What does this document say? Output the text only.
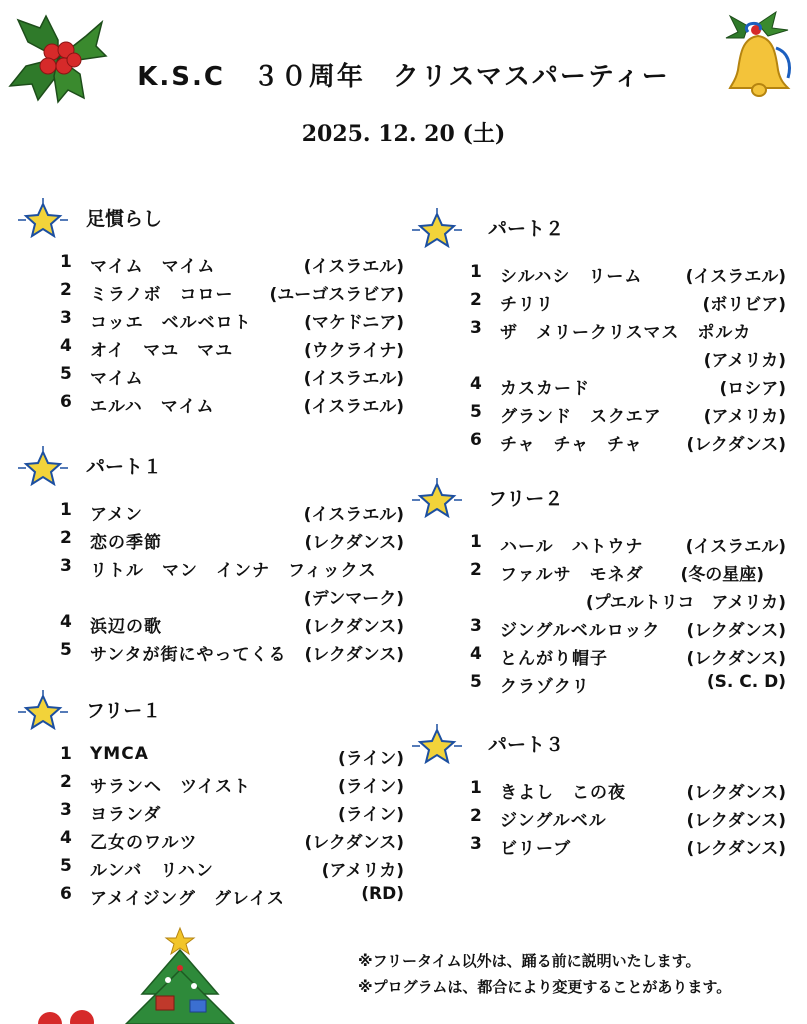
K.S.C　３０周年　クリスマスパーティー
2025. 12. 20 (土)
足慣らし
1	マイム　マイム	(イスラエル)
2	ミラノボ　コロー (ユーゴスラビア)
3	コッエ　ベルベロト	(マケドニア)
4	オイ　マユ　マユ	(ウクライナ)
5	マイム	(イスラエル)
6	エルハ　マイム	(イスラエル)
パート１
1	アメン	(イスラエル)
2	恋の季節	(レクダンス)
3	リトル　マン　インナ　フィックス
(デンマーク)
4	浜辺の歌	(レクダンス)
5	サンタが街にやってくる (レクダンス)
フリー１
1	YMCA	(ライン)
2	サランヘ　ツイスト	(ライン)
3	ヨランダ	(ライン)
4	乙女のワルツ	(レクダンス)
5	ルンバ　リハン	(アメリカ)
6	アメイジング　グレイス	(RD)
パート２
1	シルハシ　リーム	(イスラエル)
2	チリリ	(ボリビア)
3	ザ　メリークリスマス　ポルカ
(アメリカ)
4	カスカード	(ロシア)
5	グランド　スクエア (アメリカ)
6	チャ　チャ　チャ	(レクダンス)
フリー２
1	ハール　ハトウナ (イスラエル)
2	ファルサ　モネダ (冬の星座)
(プエルトリコ　アメリカ)
3	ジングルベルロック (レクダンス)
4	とんがり帽子	(レクダンス)
5	クラゾクリ	(S. C. D)
パート３
1	きよし　この夜	(レクダンス)
2	ジングルベル	(レクダンス)
3	ビリーブ	(レクダンス)
※フリータイム以外は、踊る前に説明いたします。
※プログラムは、都合により変更することがあります。
